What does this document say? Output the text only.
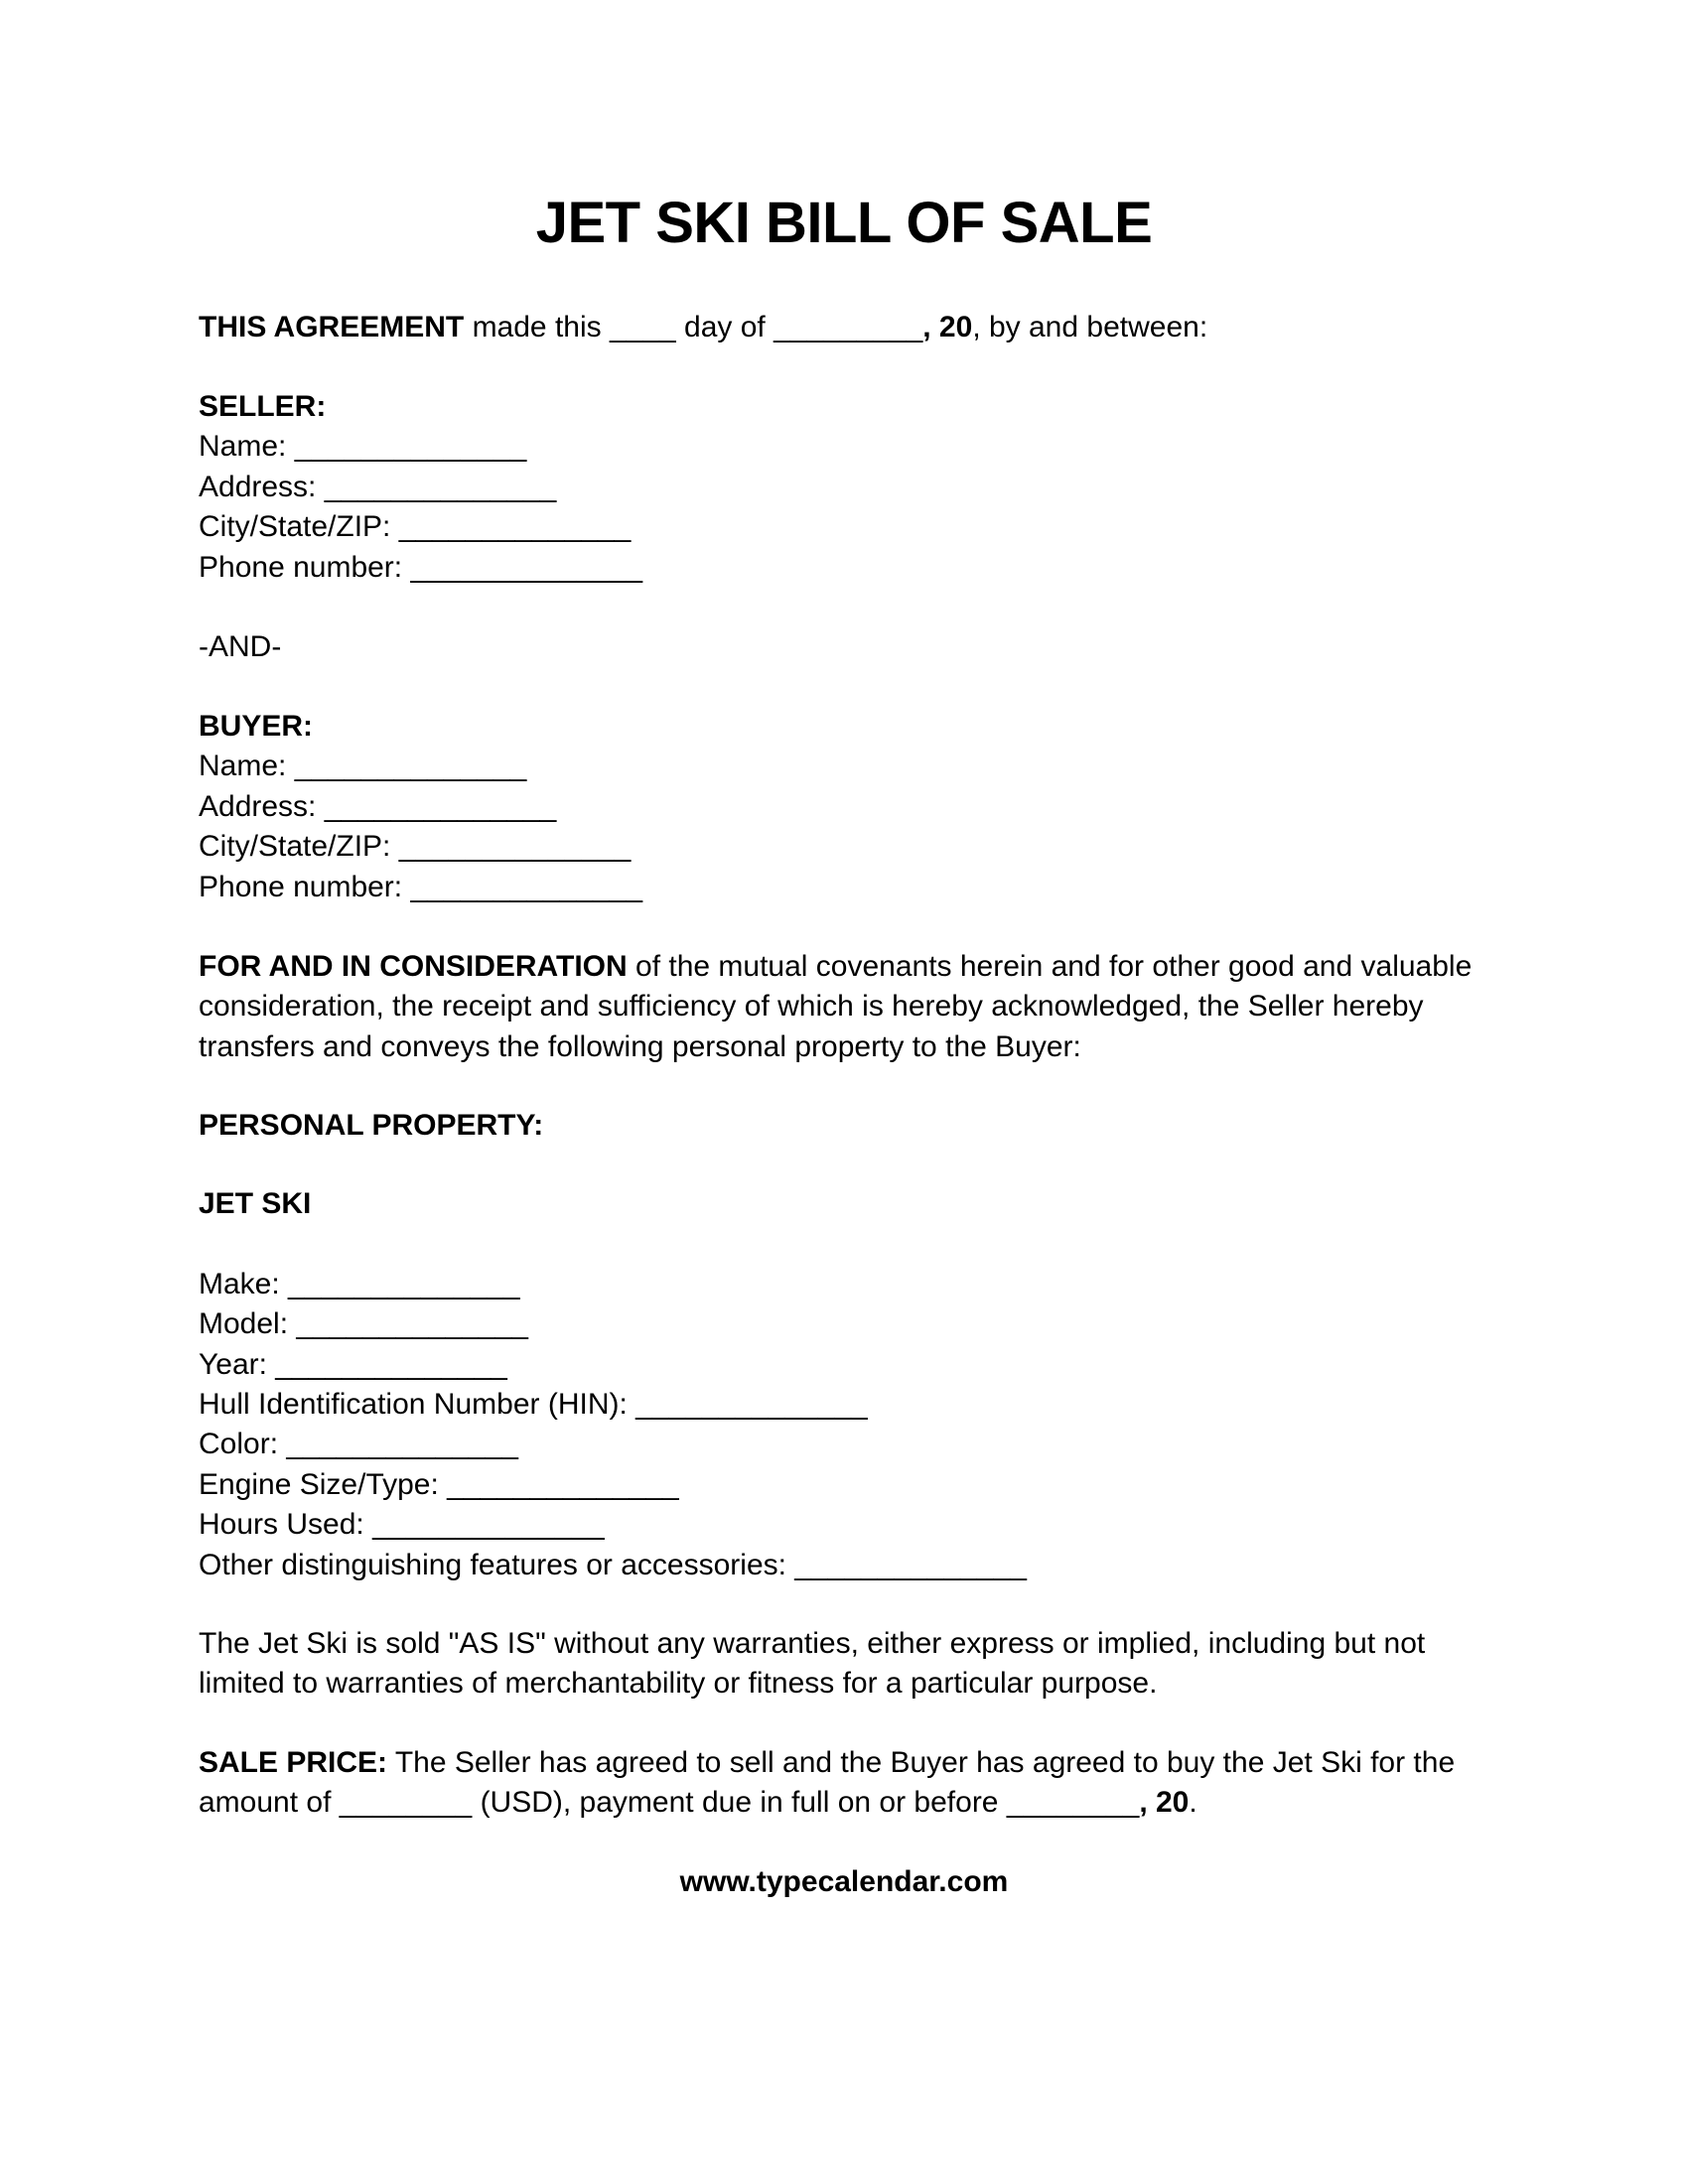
JET SKI BILL OF SALE
THIS AGREEMENT made this ____ day of _________, 20, by and between:
SELLER:
Name: ______________
Address: ______________
City/State/ZIP: ______________
Phone number: ______________
-AND-
BUYER:
Name: ______________
Address: ______________
City/State/ZIP: ______________
Phone number: ______________
FOR AND IN CONSIDERATION of the mutual covenants herein and for other good and valuable
consideration, the receipt and sufficiency of which is hereby acknowledged, the Seller hereby
transfers and conveys the following personal property to the Buyer:
PERSONAL PROPERTY:
JET SKI
Make: ______________
Model: ______________
Year: ______________
Hull Identification Number (HIN): ______________
Color: ______________
Engine Size/Type: ______________
Hours Used: ______________
Other distinguishing features or accessories: ______________
The Jet Ski is sold "AS IS" without any warranties, either express or implied, including but not
limited to warranties of merchantability or fitness for a particular purpose.
SALE PRICE: The Seller has agreed to sell and the Buyer has agreed to buy the Jet Ski for the
amount of ________ (USD), payment due in full on or before ________, 20.
www.typecalendar.com
